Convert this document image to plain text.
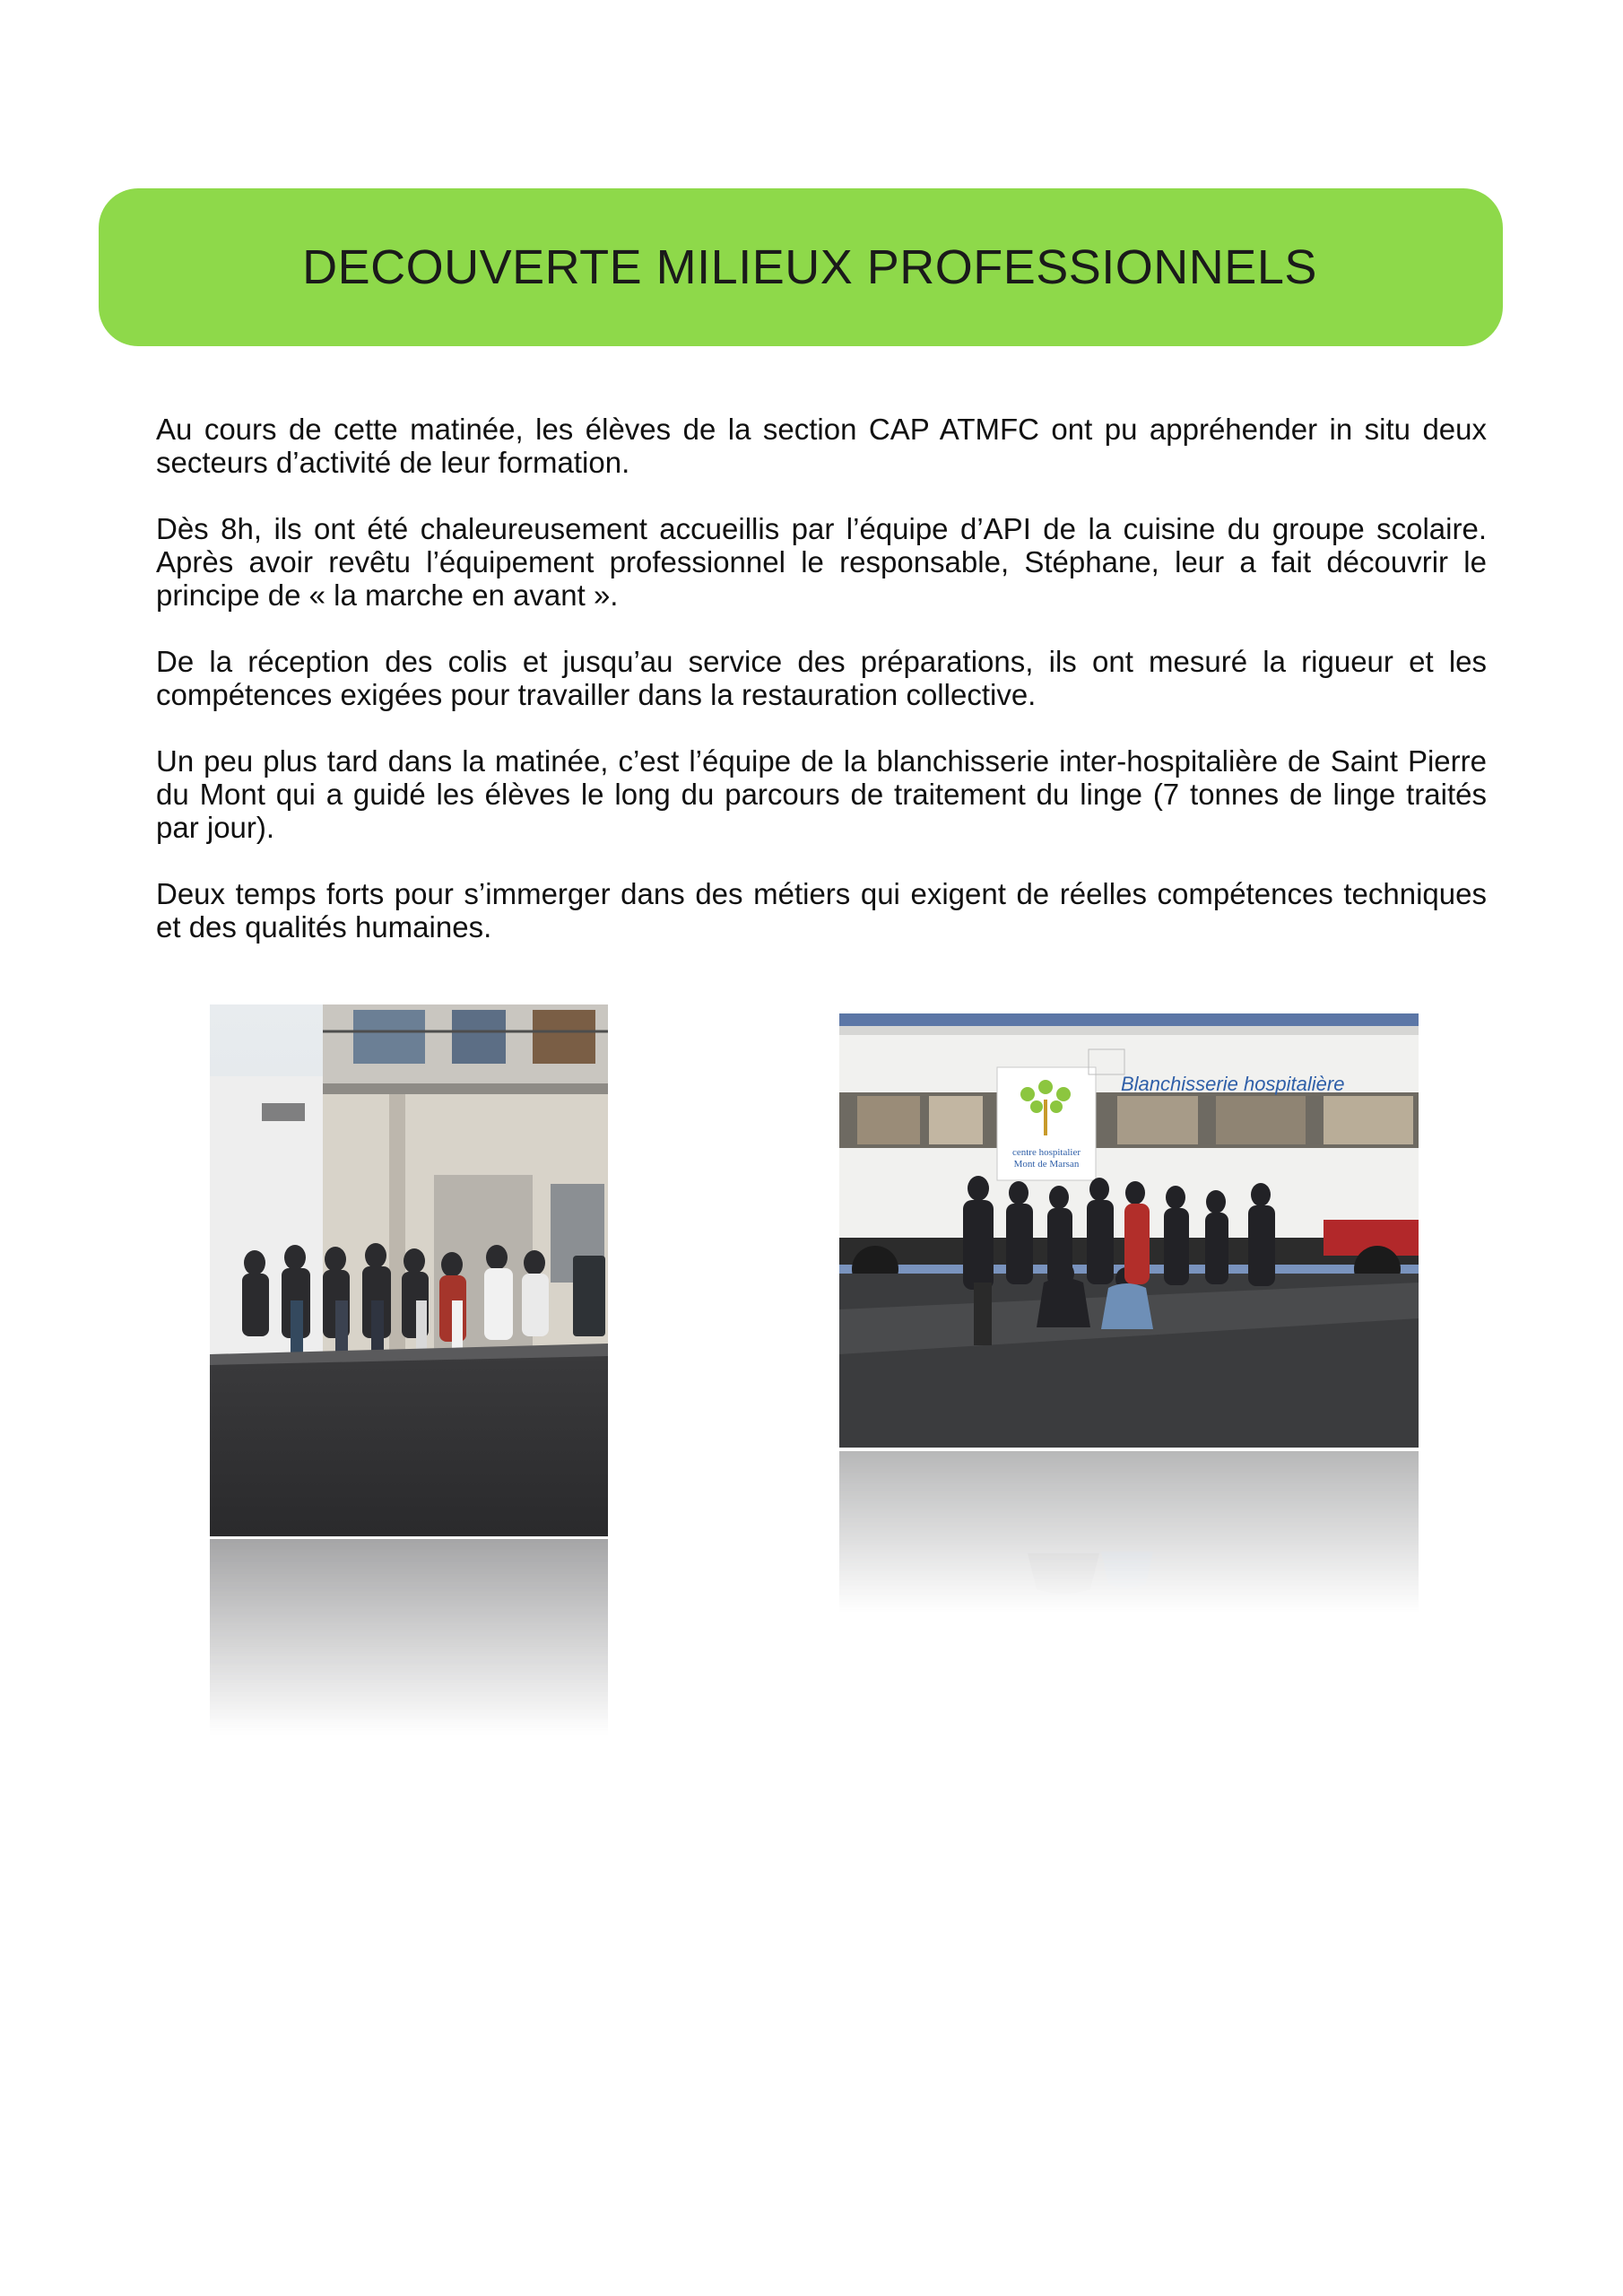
DECOUVERTE MILIEUX PROFESSIONNELS

Au cours de cette matinée, les élèves de la section CAP ATMFC ont pu appréhender in situ deux secteurs d’activité de leur formation.

Dès 8h, ils ont été chaleureusement accueillis par l’équipe d’API de la cuisine du groupe scolaire. Après avoir revêtu l’équipement professionnel le responsable, Stéphane, leur a fait découvrir le principe de « la marche en avant ».

De la réception des colis et jusqu’au service des préparations, ils ont mesuré la rigueur et les compétences exigées pour travailler dans la restauration collective.

Un peu plus tard dans la matinée, c’est l’équipe de la blanchisserie inter-hospitalière de Saint Pierre du Mont qui a guidé les élèves le long du parcours de traitement du linge (7 tonnes de linge traités par jour).

Deux temps forts pour s’immerger dans des métiers qui exigent de réelles compétences techniques et des qualités humaines.

centre hospitalier
Mont de Marsan
Blanchisserie hospitalière
